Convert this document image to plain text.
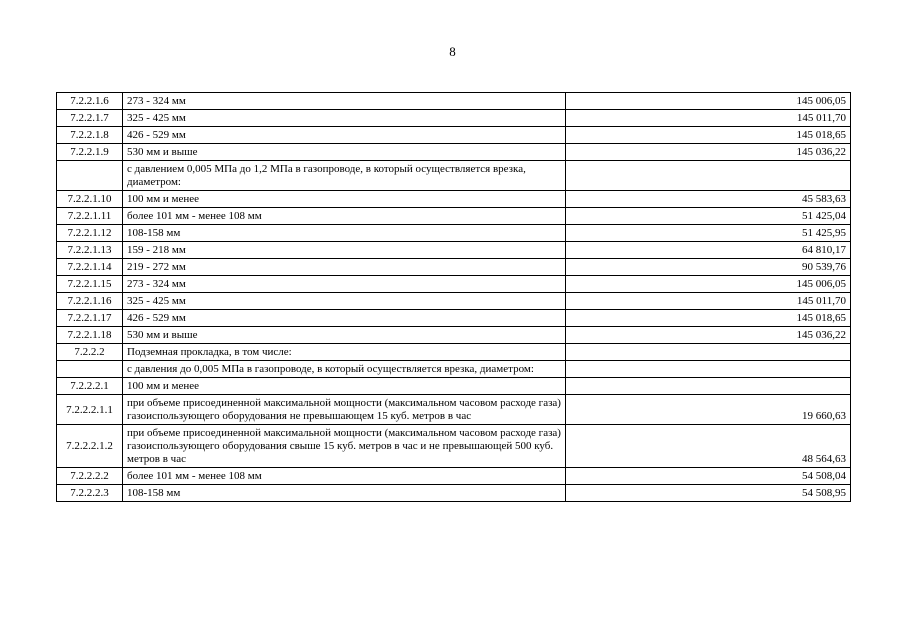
8
7.2.2.1.6	273 - 324 мм	145 006,05
7.2.2.1.7	325 - 425 мм	145 011,70
7.2.2.1.8	426 - 529 мм	145 018,65
7.2.2.1.9	530 мм и выше	145 036,22
	с давлением 0,005 МПа до 1,2 МПа в газопроводе, в который осуществляется врезка, диаметром:	
7.2.2.1.10	100 мм и менее	45 583,63
7.2.2.1.11	более 101 мм - менее 108 мм	51 425,04
7.2.2.1.12	108-158 мм	51 425,95
7.2.2.1.13	159 - 218 мм	64 810,17
7.2.2.1.14	219 - 272 мм	90 539,76
7.2.2.1.15	273 - 324 мм	145 006,05
7.2.2.1.16	325 - 425 мм	145 011,70
7.2.2.1.17	426 - 529 мм	145 018,65
7.2.2.1.18	530 мм и выше	145 036,22
7.2.2.2	Подземная прокладка, в том числе:	
	с давления до 0,005 МПа в газопроводе, в который осуществляется врезка, диаметром:	
7.2.2.2.1	100 мм и менее	
7.2.2.2.1.1	при объеме присоединенной максимальной мощности (максимальном часовом расходе газа) газоиспользующего оборудования не превышающем 15 куб. метров в час	19 660,63
7.2.2.2.1.2	при объеме присоединенной максимальной мощности (максимальном часовом расходе газа) газоиспользующего оборудования свыше 15 куб. метров в час и не превышающей 500 куб. метров в час	48 564,63
7.2.2.2.2	более 101 мм - менее 108 мм	54 508,04
7.2.2.2.3	108-158 мм	54 508,95
